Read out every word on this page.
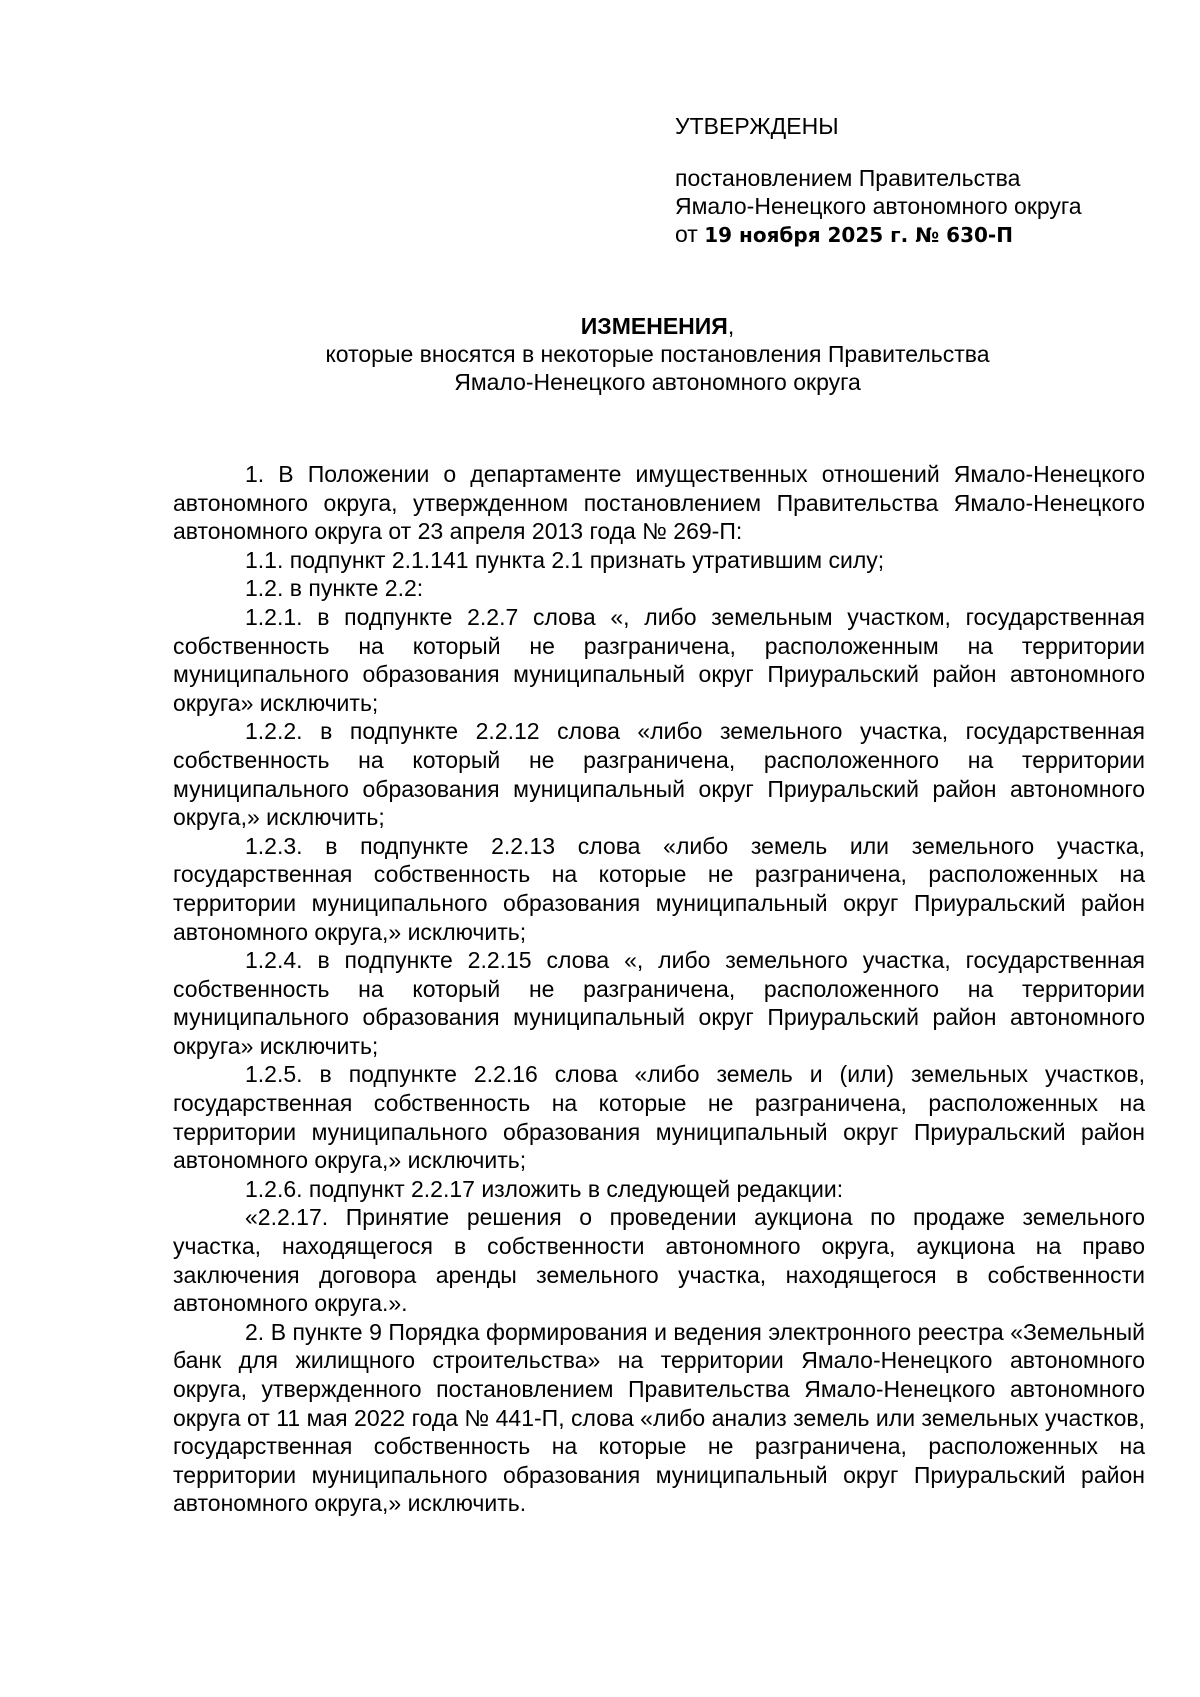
УТВЕРЖДЕНЫ

постановлением Правительства

Ямало-Ненецкого автономного округа

от 19 ноября 2025 г. № 630-П

ИЗМЕНЕНИЯ,

которые вносятся в некоторые постановления Правительства

Ямало-Ненецкого автономного округа

1. В Положении о департаменте имущественных отношений Ямало-Ненецкого автономного округа, утвержденном постановлением Правительства Ямало-Ненецкого автономного округа от 23 апреля 2013 года № 269-П:

1.1. подпункт 2.1.141 пункта 2.1 признать утратившим силу;

1.2. в пункте 2.2:

1.2.1. в подпункте 2.2.7 слова «, либо земельным участком, государственная собственность на который не разграничена, расположенным на территории муниципального образования муниципальный округ Приуральский район автономного округа» исключить;

1.2.2. в подпункте 2.2.12 слова «либо земельного участка, государственная собственность на который не разграничена, расположенного на территории муниципального образования муниципальный округ Приуральский район автономного округа,» исключить;

1.2.3. в подпункте 2.2.13 слова «либо земель или земельного участка, государственная собственность на которые не разграничена, расположенных на территории муниципального образования муниципальный округ Приуральский район автономного округа,» исключить;

1.2.4. в подпункте 2.2.15 слова «, либо земельного участка, государственная собственность на который не разграничена, расположенного на территории муниципального образования муниципальный округ Приуральский район автономного округа» исключить;

1.2.5. в подпункте 2.2.16 слова «либо земель и (или) земельных участков, государственная собственность на которые не разграничена, расположенных на территории муниципального образования муниципальный округ Приуральский район автономного округа,» исключить;

1.2.6. подпункт 2.2.17 изложить в следующей редакции:

«2.2.17. Принятие решения о проведении аукциона по продаже земельного участка, находящегося в собственности автономного округа, аукциона на право заключения договора аренды земельного участка, находящегося в собственности автономного округа.».

2. В пункте 9 Порядка формирования и ведения электронного реестра «Земельный банк для жилищного строительства» на территории Ямало-Ненецкого автономного округа, утвержденного постановлением Правительства Ямало-Ненецкого автономного округа от 11 мая 2022 года № 441-П, слова «либо анализ земель или земельных участков, государственная собственность на которые не разграничена, расположенных на территории муниципального образования муниципальный округ Приуральский район автономного округа,» исключить.
